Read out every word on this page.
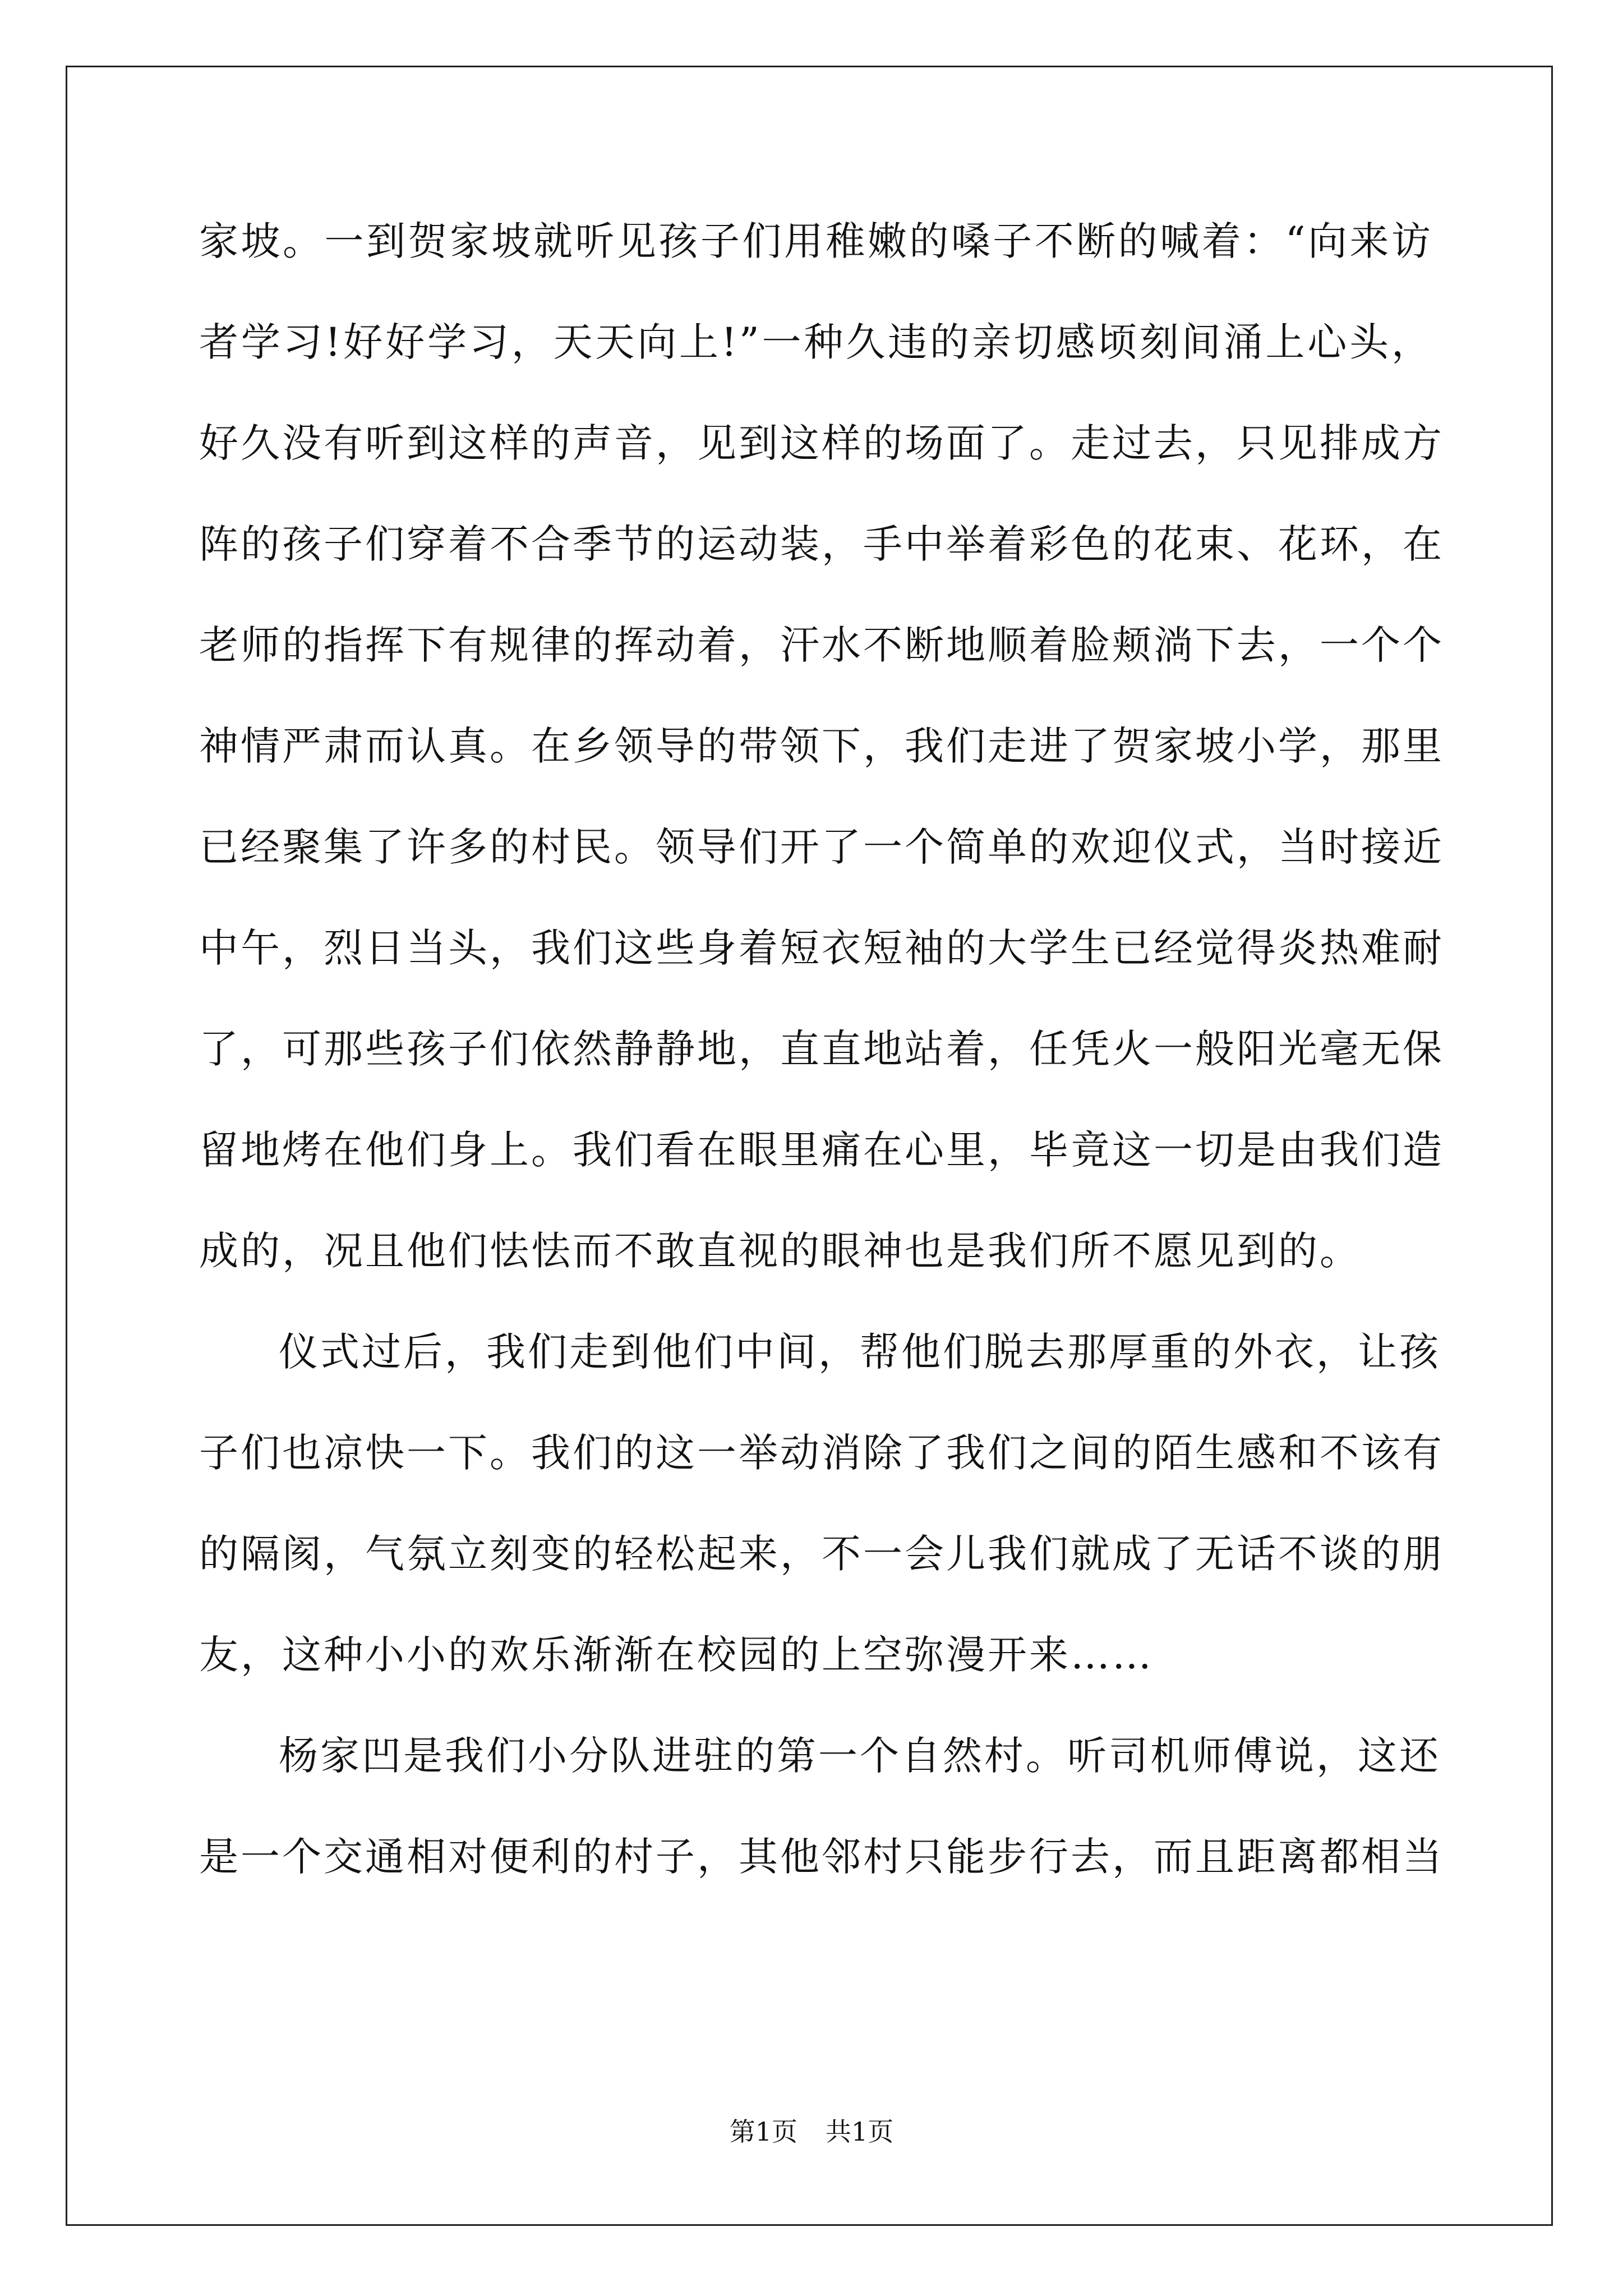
家坡。一到贺家坡就听见孩子们用稚嫩的嗓子不断的喊着：“向来访
者学习!好好学习，天天向上!”一种久违的亲切感顷刻间涌上心头，
好久没有听到这样的声音，见到这样的场面了。走过去，只见排成方
阵的孩子们穿着不合季节的运动装，手中举着彩色的花束、花环，在
老师的指挥下有规律的挥动着，汗水不断地顺着脸颊淌下去，一个个
神情严肃而认真。在乡领导的带领下，我们走进了贺家坡小学，那里
已经聚集了许多的村民。领导们开了一个简单的欢迎仪式，当时接近
中午，烈日当头，我们这些身着短衣短袖的大学生已经觉得炎热难耐
了，可那些孩子们依然静静地，直直地站着，任凭火一般阳光毫无保
留地烤在他们身上。我们看在眼里痛在心里，毕竟这一切是由我们造
成的，况且他们怯怯而不敢直视的眼神也是我们所不愿见到的。
仪式过后，我们走到他们中间，帮他们脱去那厚重的外衣，让孩
子们也凉快一下。我们的这一举动消除了我们之间的陌生感和不该有
的隔阂，气氛立刻变的轻松起来，不一会儿我们就成了无话不谈的朋
友，这种小小的欢乐渐渐在校园的上空弥漫开来……
杨家凹是我们小分队进驻的第一个自然村。听司机师傅说，这还
是一个交通相对便利的村子，其他邻村只能步行去，而且距离都相当
第1页 共1页
